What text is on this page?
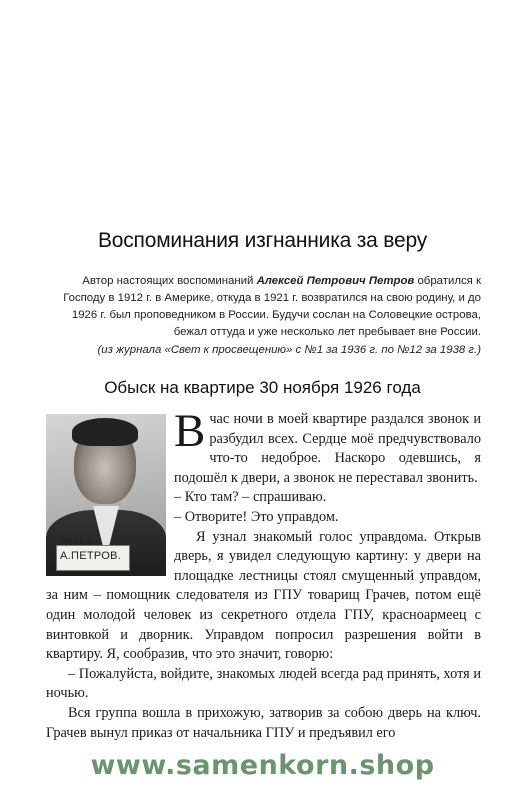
Воспоминания изгнанника за веру

Автор настоящих воспоминаний Алексей Петрович Петров обратился к Господу в 1912 г. в Америке, откуда в 1921 г. возвратился на свою родину, и до 1926 г. был проповедником в России. Будучи сослан на Соловецкие острова, бежал оттуда и уже несколько лет пребывает вне России.

(из журнала «Свет к просвещению» с №1 за 1936 г. по №12 за 1938 г.)

Обыск на квартире 30 ноября 1926 года
ЗИЦ-Б.Е
А.ПЕТРОВ.

Вчас ночи в моей квартире раздался звонок и разбудил всех. Сердце моё предчувствовало что-то недоброе. Наскоро одевшись, я подошёл к двери, а звонок не переставал звонить.

– Кто там? – спрашиваю.

– Отворите! Это управдом.

Я узнал знакомый голос управдома. Открыв дверь, я увидел следующую картину: у двери на площадке лестницы стоял смущенный управдом, за ним – помощник следователя из ГПУ товарищ Грачев, потом ещё один молодой человек из секретного отдела ГПУ, красноармеец с винтовкой и дворник. Управдом попросил разрешения войти в квартиру. Я, сообразив, что это значит, говорю:

– Пожалуйста, войдите, знакомых людей всегда рад принять, хотя и ночью.

Вся группа вошла в прихожую, затворив за собою дверь на ключ. Грачев вынул приказ от начальника ГПУ и предъявил его

www.samenkorn.shop
